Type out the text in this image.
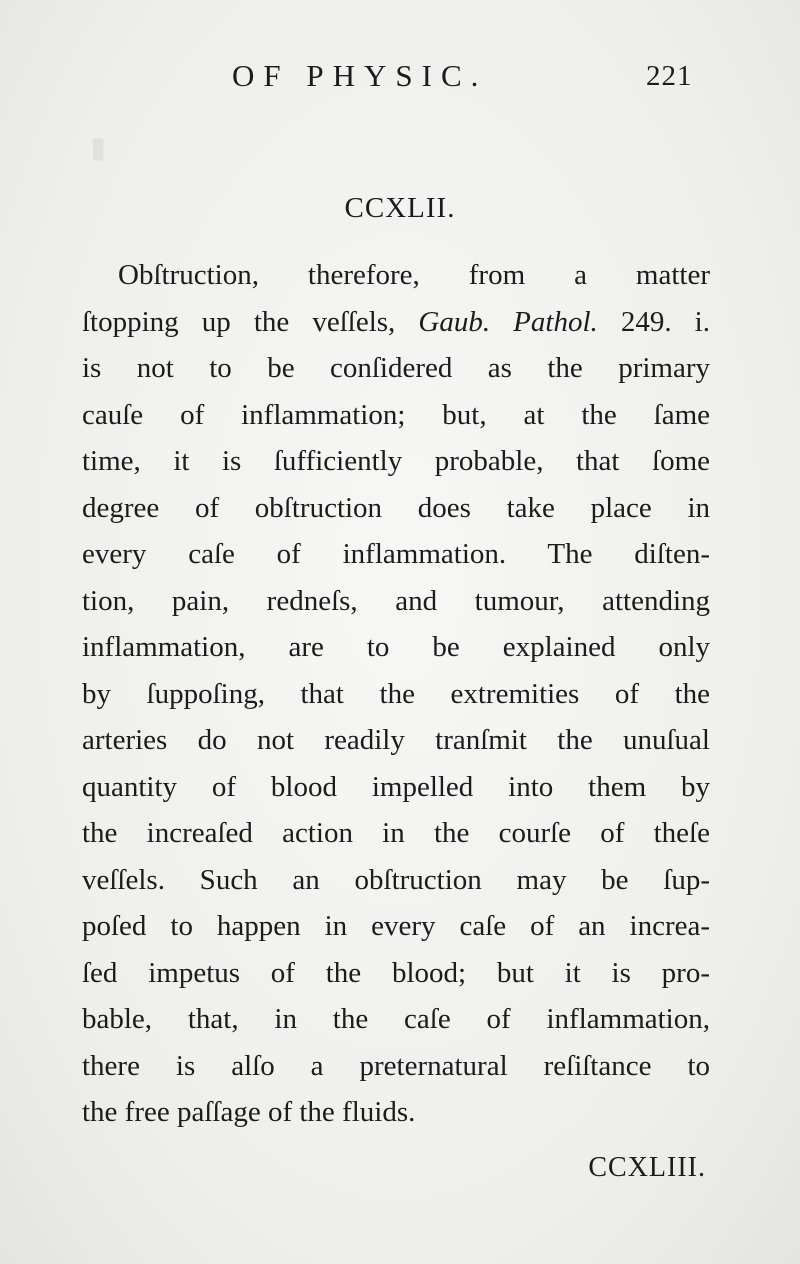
▮
OF PHYSIC.	221
CCXLII.
Obſtruction, therefore, from a matter
ſtopping up the veſſels, Gaub. Pathol. 249. i.
is not to be conſidered as the primary
cauſe of inflammation; but, at the ſame
time, it is ſufficiently probable, that ſome
degree of obſtruction does take place in
every caſe of inflammation. The diſten-
tion, pain, redneſs, and tumour, attending
inflammation, are to be explained only
by ſuppoſing, that the extremities of the
arteries do not readily tranſmit the unuſual
quantity of blood impelled into them by
the increaſed action in the courſe of theſe
veſſels. Such an obſtruction may be ſup-
poſed to happen in every caſe of an increa-
ſed impetus of the blood; but it is pro-
bable, that, in the caſe of inflammation,
there is alſo a preternatural reſiſtance to
the free paſſage of the fluids.
CCXLIII.
